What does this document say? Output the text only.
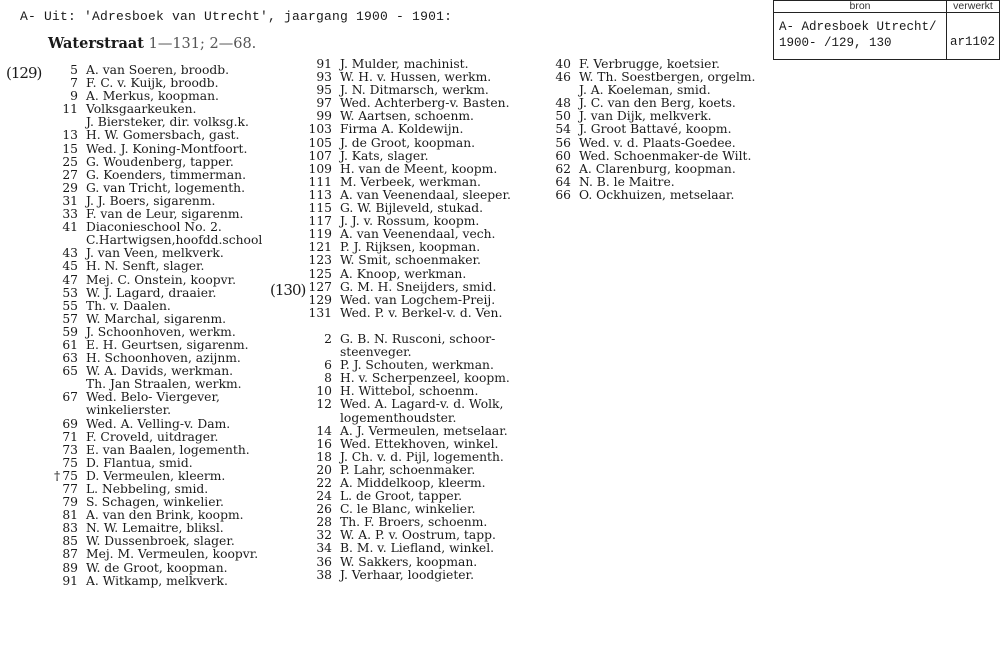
A- Uit: 'Adresboek van Utrecht', jaargang 1900 - 1901:
bron	verwerkt

A- Adresboek Utrecht/
1900- /129, 130	ar1102
Waterstraat 1—131; 2—68.
(129)
(130)
5 A. van Soeren, broodb.
7 F. C. v. Kuijk, broodb.
9 A. Merkus, koopman.
11 Volksgaarkeuken.
J. Biersteker, dir. volksg.k.
13 H. W. Gomersbach, gast.
15 Wed. J. Koning-Montfoort.
25 G. Woudenberg, tapper.
27 G. Koenders, timmerman.
29 G. van Tricht, logementh.
31 J. J. Boers, sigarenm.
33 F. van de Leur, sigarenm.
41 Diaconieschool No. 2.
C.Hartwigsen,hoofdd.school
43 J. van Veen, melkverk.
45 H. N. Senft, slager.
47 Mej. C. Onstein, koopvr.
53 W. J. Lagard, draaier.
55 Th. v. Daalen.
57 W. Marchal, sigarenm.
59 J. Schoonhoven, werkm.
61 E. H. Geurtsen, sigarenm.
63 H. Schoonhoven, azijnm.
65 W. A. Davids, werkman.
Th. Jan Straalen, werkm.
67 Wed. Belo- Viergever,
winkelierster.
69 Wed. A. Velling-v. Dam.
71 F. Croveld, uitdrager.
73 E. van Baalen, logementh.
75 D. Flantua, smid.
† 75 D. Vermeulen, kleerm.
77 L. Nebbeling, smid.
79 S. Schagen, winkelier.
81 A. van den Brink, koopm.
83 N. W. Lemaitre, bliksl.
85 W. Dussenbroek, slager.
87 Mej. M. Vermeulen, koopvr.
89 W. de Groot, koopman.
91 A. Witkamp, melkverk.
91 J. Mulder, machinist.
93 W. H. v. Hussen, werkm.
95 J. N. Ditmarsch, werkm.
97 Wed. Achterberg-v. Basten.
99 W. Aartsen, schoenm.
103 Firma A. Koldewijn.
105 J. de Groot, koopman.
107 J. Kats, slager.
109 H. van de Meent, koopm.
111 M. Verbeek, werkman.
113 A. van Veenendaal, sleeper.
115 G. W. Bijleveld, stukad.
117 J. J. v. Rossum, koopm.
119 A. van Veenendaal, vech.
121 P. J. Rijksen, koopman.
123 W. Smit, schoenmaker.
125 A. Knoop, werkman.
127 G. M. H. Sneijders, smid.
129 Wed. van Logchem-Preij.
131 Wed. P. v. Berkel-v. d. Ven.
2 G. B. N. Rusconi, schoor-
steenveger.
6 P. J. Schouten, werkman.
8 H. v. Scherpenzeel, koopm.
10 H. Wittebol, schoenm.
12 Wed. A. Lagard-v. d. Wolk,
logementhoudster.
14 A. J. Vermeulen, metselaar.
16 Wed. Ettekhoven, winkel.
18 J. Ch. v. d. Pijl, logementh.
20 P. Lahr, schoenmaker.
22 A. Middelkoop, kleerm.
24 L. de Groot, tapper.
26 C. le Blanc, winkelier.
28 Th. F. Broers, schoenm.
32 W. A. P. v. Oostrum, tapp.
34 B. M. v. Liefland, winkel.
36 W. Sakkers, koopman.
38 J. Verhaar, loodgieter.
40 F. Verbrugge, koetsier.
46 W. Th. Soestbergen, orgelm.
J. A. Koeleman, smid.
48 J. C. van den Berg, koets.
50 J. van Dijk, melkverk.
54 J. Groot Battavé, koopm.
56 Wed. v. d. Plaats-Goedee.
60 Wed. Schoenmaker-de Wilt.
62 A. Clarenburg, koopman.
64 N. B. le Maitre.
66 O. Ockhuizen, metselaar.
